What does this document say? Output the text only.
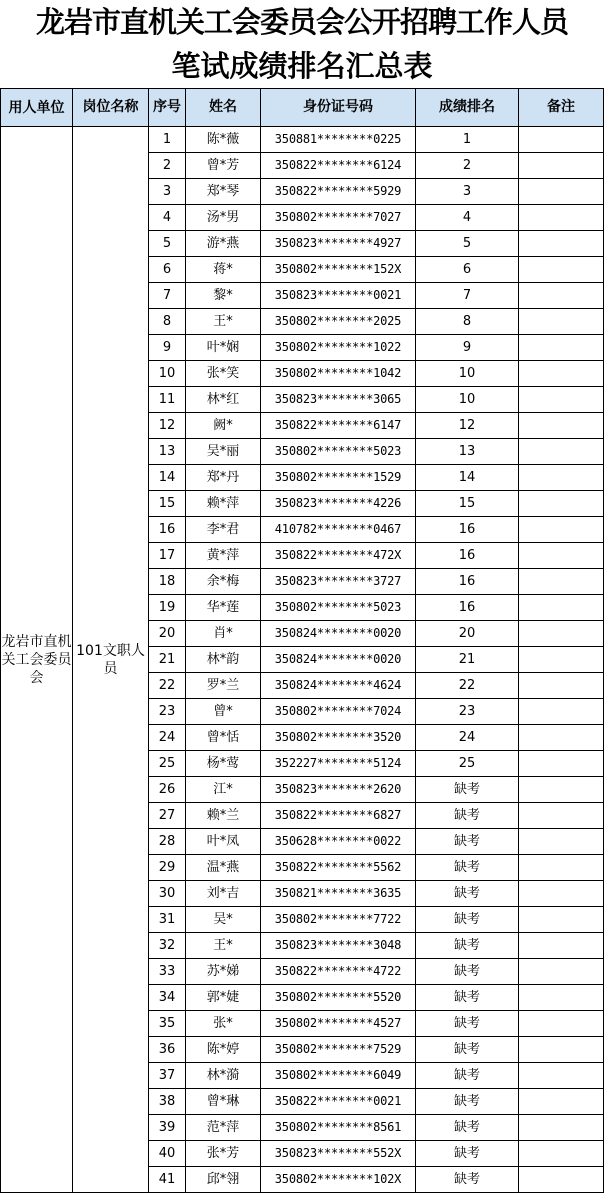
龙岩市直机关工会委员会公开招聘工作人员
笔试成绩排名汇总表
用人单位	岗位名称	序号	姓名	身份证号码	成绩排名	备注
龙岩市直机关工会委员会	101文职人员	1	陈*薇	350881********0225	1	
		2	曾*芳	350822********6124	2	
		3	郑*琴	350822********5929	3	
		4	汤*男	350802********7027	4	
		5	游*燕	350823********4927	5	
		6	蒋*	350802********152X	6	
		7	黎*	350823********0021	7	
		8	王*	350802********2025	8	
		9	叶*娴	350802********1022	9	
		10	张*笑	350802********1042	10	
		11	林*红	350823********3065	10	
		12	阙*	350822********6147	12	
		13	吴*丽	350802********5023	13	
		14	郑*丹	350802********1529	14	
		15	赖*萍	350823********4226	15	
		16	李*君	410782********0467	16	
		17	黄*萍	350822********472X	16	
		18	余*梅	350823********3727	16	
		19	华*莲	350802********5023	16	
		20	肖*	350824********0020	20	
		21	林*韵	350824********0020	21	
		22	罗*兰	350824********4624	22	
		23	曾*	350802********7024	23	
		24	曾*恬	350802********3520	24	
		25	杨*莺	352227********5124	25	
		26	江*	350823********2620	缺考	
		27	赖*兰	350822********6827	缺考	
		28	叶*凤	350628********0022	缺考	
		29	温*燕	350822********5562	缺考	
		30	刘*吉	350821********3635	缺考	
		31	吴*	350802********7722	缺考	
		32	王*	350823********3048	缺考	
		33	苏*娣	350822********4722	缺考	
		34	郭*婕	350802********5520	缺考	
		35	张*	350802********4527	缺考	
		36	陈*婷	350802********7529	缺考	
		37	林*漪	350802********6049	缺考	
		38	曾*琳	350822********0021	缺考	
		39	范*萍	350802********8561	缺考	
		40	张*芳	350823********552X	缺考	
		41	邱*翎	350802********102X	缺考	
